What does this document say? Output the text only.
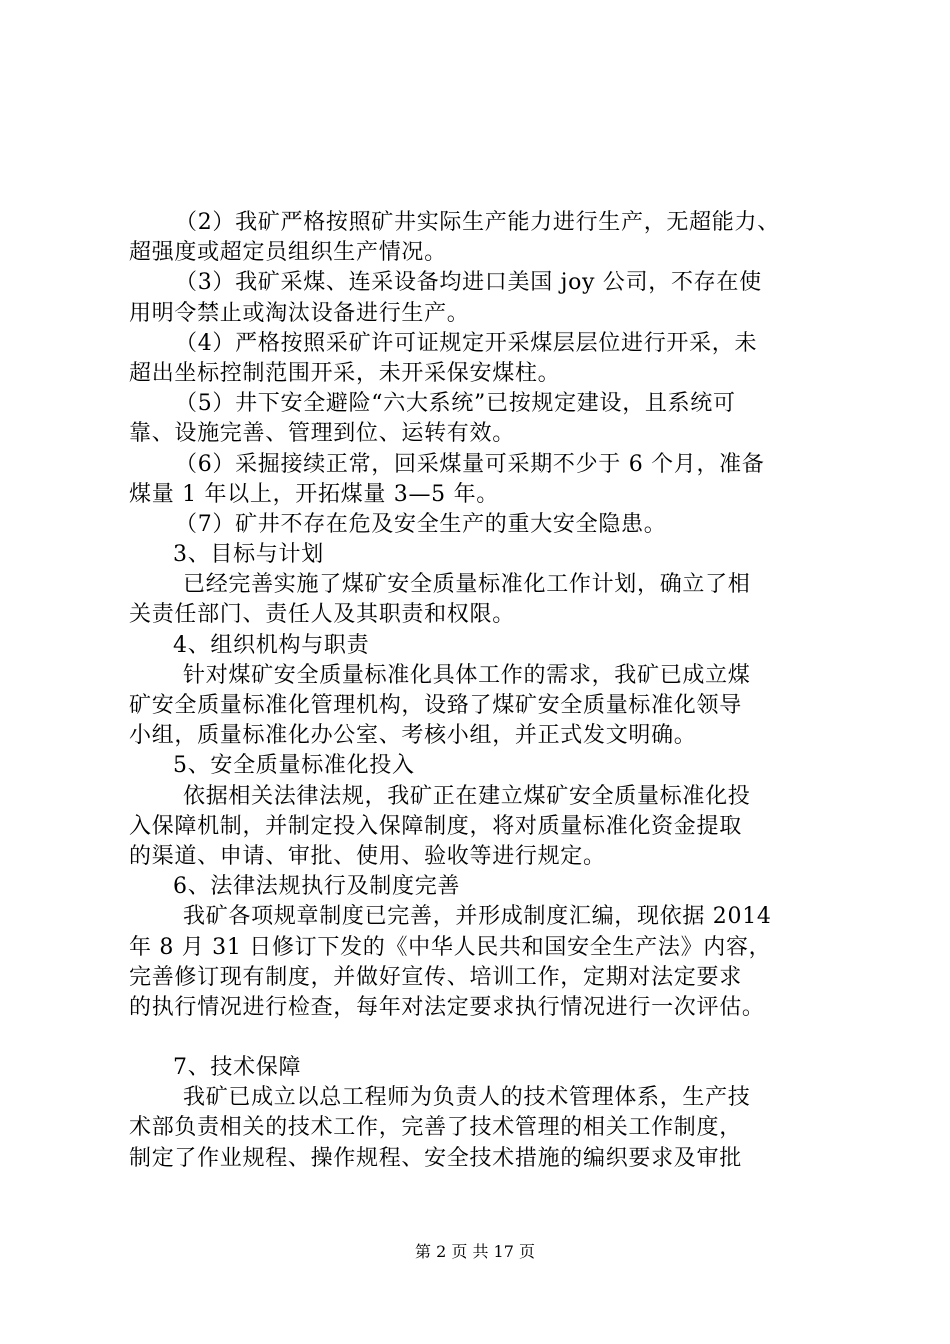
（2）我矿严格按照矿井实际生产能力进行生产，无超能力、
超强度或超定员组织生产情况。
（3）我矿采煤、连采设备均进口美国 joy 公司，不存在使
用明令禁止或淘汰设备进行生产。
（4）严格按照采矿许可证规定开采煤层层位进行开采，未
超出坐标控制范围开采，未开采保安煤柱。
（5）井下安全避险“六大系统”已按规定建设，且系统可
靠、设施完善、管理到位、运转有效。
（6）采掘接续正常，回采煤量可采期不少于 6 个月，准备
煤量 1 年以上，开拓煤量 3—5 年。
（7）矿井不存在危及安全生产的重大安全隐患。
3、目标与计划
已经完善实施了煤矿安全质量标准化工作计划，确立了相
关责任部门、责任人及其职责和权限。
4、组织机构与职责
针对煤矿安全质量标准化具体工作的需求，我矿已成立煤
矿安全质量标准化管理机构，设臵了煤矿安全质量标准化领导
小组，质量标准化办公室、考核小组，并正式发文明确。
5、安全质量标准化投入
依据相关法律法规，我矿正在建立煤矿安全质量标准化投
入保障机制，并制定投入保障制度，将对质量标准化资金提取
的渠道、申请、审批、使用、验收等进行规定。
6、法律法规执行及制度完善
我矿各项规章制度已完善，并形成制度汇编，现依据 2014
年 8 月 31 日修订下发的《中华人民共和国安全生产法》内容，
完善修订现有制度，并做好宣传、培训工作，定期对法定要求
的执行情况进行检查，每年对法定要求执行情况进行一次评估。
7、技术保障
我矿已成立以总工程师为负责人的技术管理体系，生产技
术部负责相关的技术工作，完善了技术管理的相关工作制度，
制定了作业规程、操作规程、安全技术措施的编织要求及审批
第 2 页 共 17 页
